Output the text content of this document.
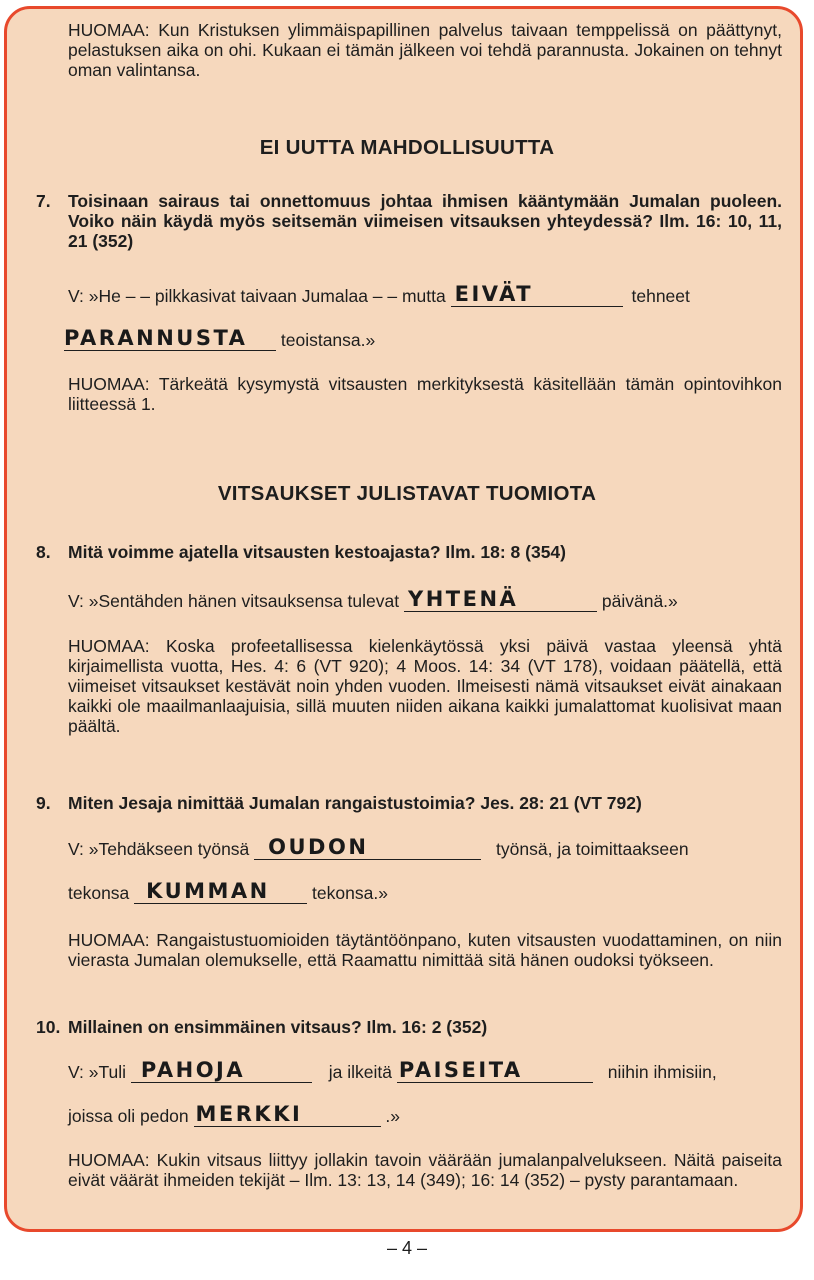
HUOMAA: Kun Kristuksen ylimmäispapillinen palvelus taivaan temppelissä on päättynyt, pelastuksen aika on ohi. Kukaan ei tämän jälkeen voi tehdä parannusta. Jokainen on tehnyt oman valintansa.

EI UUTTA MAHDOLLISUUTTA
7. Toisinaan sairaus tai onnettomuus johtaa ihmisen kääntymään Jumalan puoleen. Voiko näin käydä myös seitsemän viimeisen vitsauksen yhteydessä? Ilm. 16: 10, 11, 21 (352)
V: »He – – pilkkasivat taivaan Jumalaa – – mutta EIVÄT	tehneet
PARANNUSTA teoistansa.»

HUOMAA: Tärkeätä kysymystä vitsausten merkityksestä käsitellään tämän opintovihkon liitteessä 1.

VITSAUKSET JULISTAVAT TUOMIOTA
8. Mitä voimme ajatella vitsausten kestoajasta? Ilm. 18: 8 (354)
V: »Sentähden hänen vitsauksensa tulevat YHTENÄ	päivänä.»

HUOMAA: Koska profeetallisessa kielenkäytössä yksi päivä vastaa yleensä yhtä kirjaimellista vuotta, Hes. 4: 6 (VT 920); 4 Moos. 14: 34 (VT 178), voidaan päätellä, että viimeiset vitsaukset kestävät noin yhden vuoden. Ilmeisesti nämä vitsaukset eivät ainakaan kaikki ole maailmanlaajuisia, sillä muuten niiden aikana kaikki jumalattomat kuolisivat maan päältä.

9. Miten Jesaja nimittää Jumalan rangaistustoimia? Jes. 28: 21 (VT 792)
V: »Tehdäkseen työnsä OUDON	työnsä, ja toimittaakseen
tekonsa KUMMAN tekonsa.»

HUOMAA: Rangaistustuomioiden täytäntöönpano, kuten vitsausten vuodattaminen, on niin vierasta Jumalan olemukselle, että Raamattu nimittää sitä hänen oudoksi työkseen.

10. Millainen on ensimmäinen vitsaus? Ilm. 16: 2 (352)
V: »Tuli PAHOJA	ja ilkeitä PAISEITA	niihin ihmisiin,
joissa oli pedon MERKKI	.»

HUOMAA: Kukin vitsaus liittyy jollakin tavoin väärään jumalanpalvelukseen. Näitä paiseita eivät väärät ihmeiden tekijät – Ilm. 13: 13, 14 (349); 16: 14 (352) – pysty parantamaan.

– 4 –
